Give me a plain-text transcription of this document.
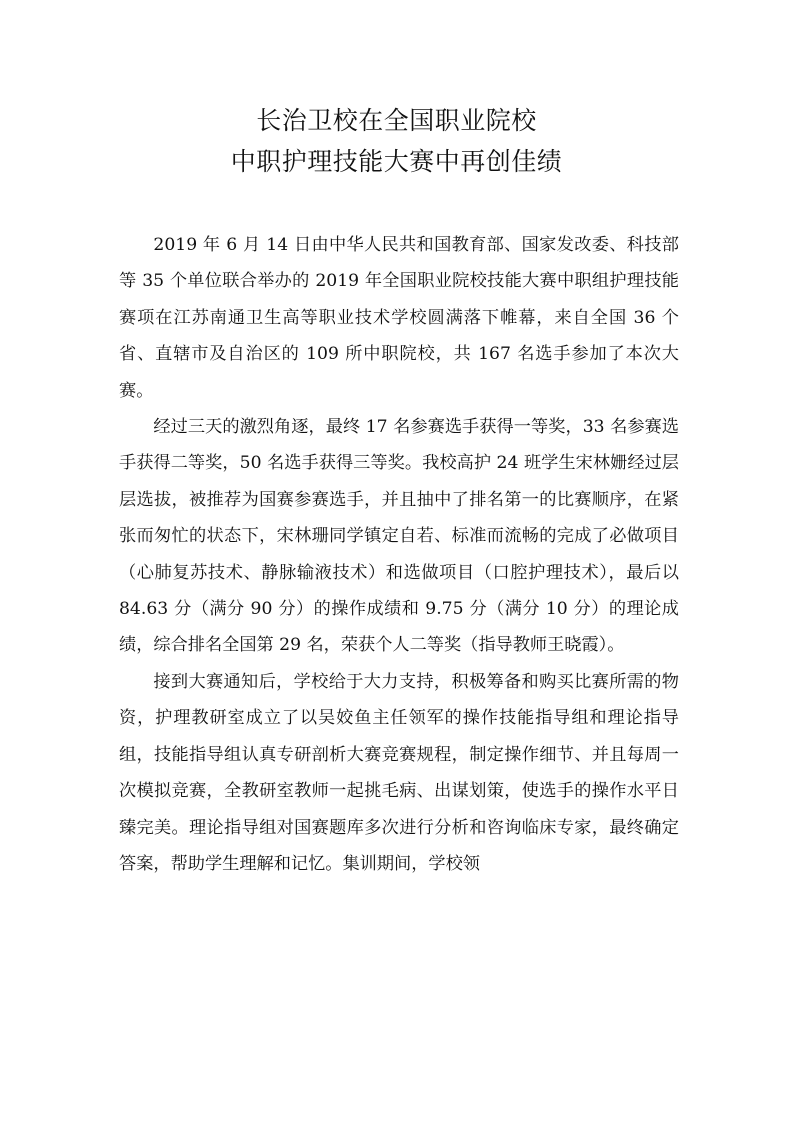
长治卫校在全国职业院校
中职护理技能大赛中再创佳绩

2019 年 6 月 14 日由中华人民共和国教育部、国家发改委、科技部等 35 个单位联合举办的 2019 年全国职业院校技能大赛中职组护理技能赛项在江苏南通卫生高等职业技术学校圆满落下帷幕，来自全国 36 个省、直辖市及自治区的 109 所中职院校，共 167 名选手参加了本次大赛。

经过三天的激烈角逐，最终 17 名参赛选手获得一等奖，33 名参赛选手获得二等奖，50 名选手获得三等奖。我校高护 24 班学生宋林姗经过层层选拔，被推荐为国赛参赛选手，并且抽中了排名第一的比赛顺序，在紧张而匆忙的状态下，宋林珊同学镇定自若、标准而流畅的完成了必做项目（心肺复苏技术、静脉输液技术）和选做项目（口腔护理技术），最后以 84.63 分（满分 90 分）的操作成绩和 9.75 分（满分 10 分）的理论成绩，综合排名全国第 29 名，荣获个人二等奖（指导教师王晓霞）。

接到大赛通知后，学校给于大力支持，积极筹备和购买比赛所需的物资，护理教研室成立了以吴姣鱼主任领军的操作技能指导组和理论指导组，技能指导组认真专研剖析大赛竞赛规程，制定操作细节、并且每周一次模拟竞赛，全教研室教师一起挑毛病、出谋划策，使选手的操作水平日臻完美。理论指导组对国赛题库多次进行分析和咨询临床专家，最终确定答案，帮助学生理解和记忆。集训期间，学校领
